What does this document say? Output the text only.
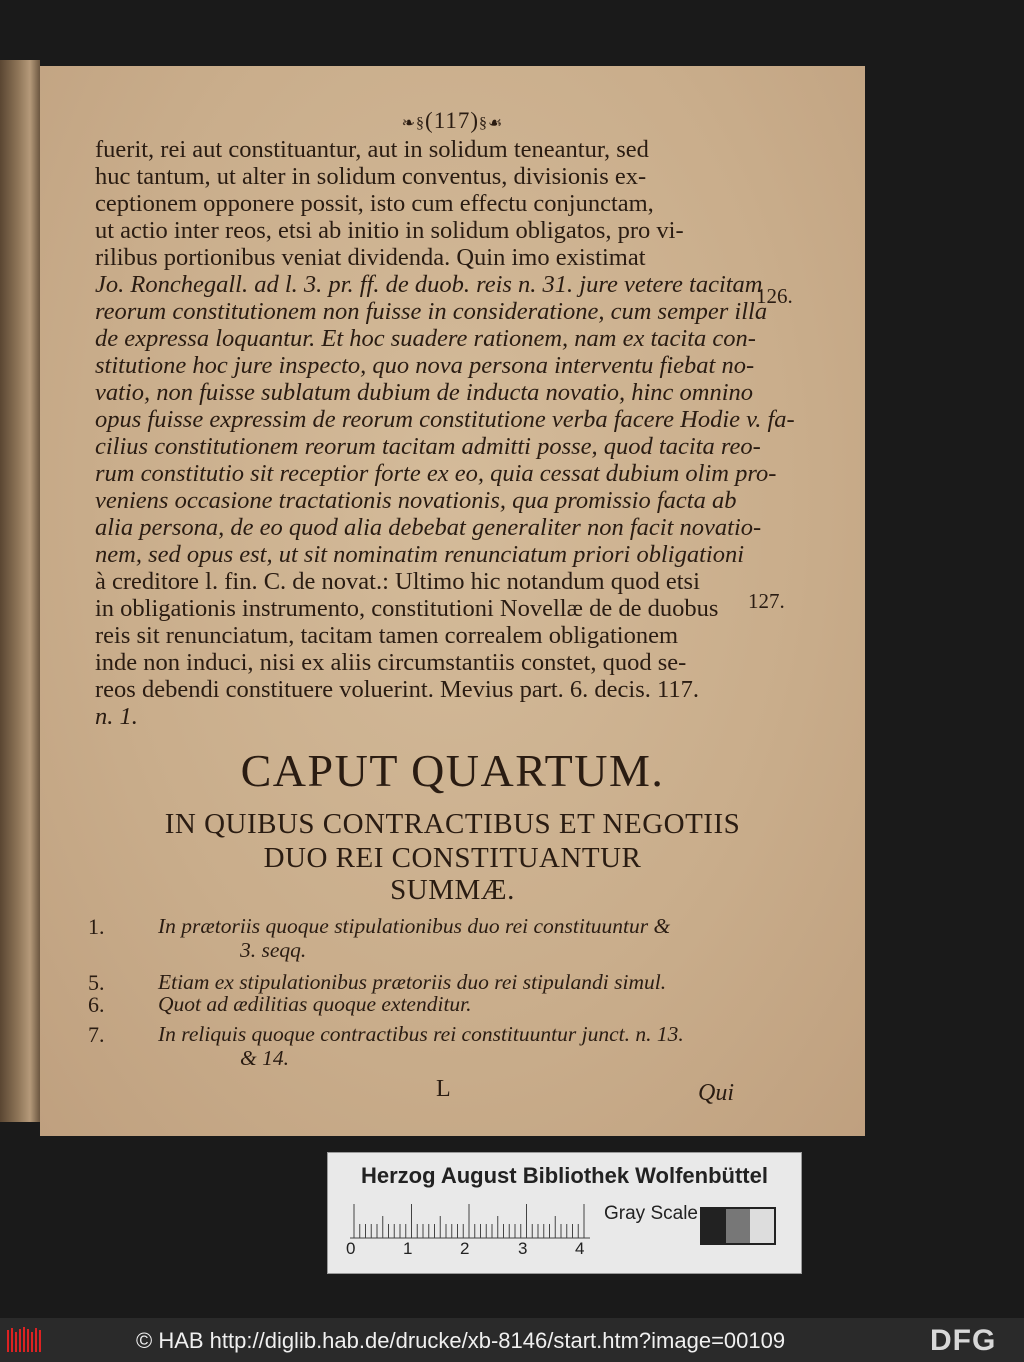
❧§(117)§☙
fuerit, rei aut constituantur, aut in solidum teneantur, sed
huc tantum, ut alter in solidum conventus, divisionis ex-
ceptionem opponere possit, isto cum effectu conjunctam,
ut actio inter reos, etsi ab initio in solidum obligatos, pro vi-
rilibus portionibus veniat dividenda. Quin imo existimat
Jo. Ronchegall. ad l. 3. pr. ff. de duob. reis n. 31. jure vetere tacitam
reorum constitutionem non fuisse in consideratione, cum semper illa
de expressa loquantur. Et hoc suadere rationem, nam ex tacita con-
stitutione hoc jure inspecto, quo nova persona interventu fiebat no-
vatio, non fuisse sublatum dubium de inducta novatio, hinc omnino
opus fuisse expressim de reorum constitutione verba facere Hodie v. fa-
cilius constitutionem reorum tacitam admitti posse, quod tacita reo-
rum constitutio sit receptior forte ex eo, quia cessat dubium olim pro-
veniens occasione tractationis novationis, qua promissio facta ab
alia persona, de eo quod alia debebat generaliter non facit novatio-
nem, sed opus est, ut sit nominatim renunciatum priori obligationi
à creditore l. fin. C. de novat.: Ultimo hic notandum quod etsi
in obligationis instrumento, constitutioni Novellæ de de duobus
reis sit renunciatum, tacitam tamen correalem obligationem
inde non induci, nisi ex aliis circumstantiis constet, quod se-
reos debendi constituere voluerint. Mevius part. 6. decis. 117.
n. 1.
126.
127.
CAPUT QUARTUM.
IN QUIBUS CONTRACTIBUS ET NEGOTIIS
DUO REI CONSTITUANTUR
SUMMÆ.
1. In prætoriis quoque stipulationibus duo rei constituuntur &
3. seqq.
5. Etiam ex stipulationibus prætoriis duo rei stipulandi simul.
6. Quot ad ædilitias quoque extenditur.
7. In reliquis quoque contractibus rei constituuntur junct. n. 13.
& 14.
L	Qui
Herzog August Bibliothek Wolfenbüttel
0	1	2	3	4
Gray Scale
© HAB http://diglib.hab.de/drucke/xb-8146/start.htm?image=00109	DFG
